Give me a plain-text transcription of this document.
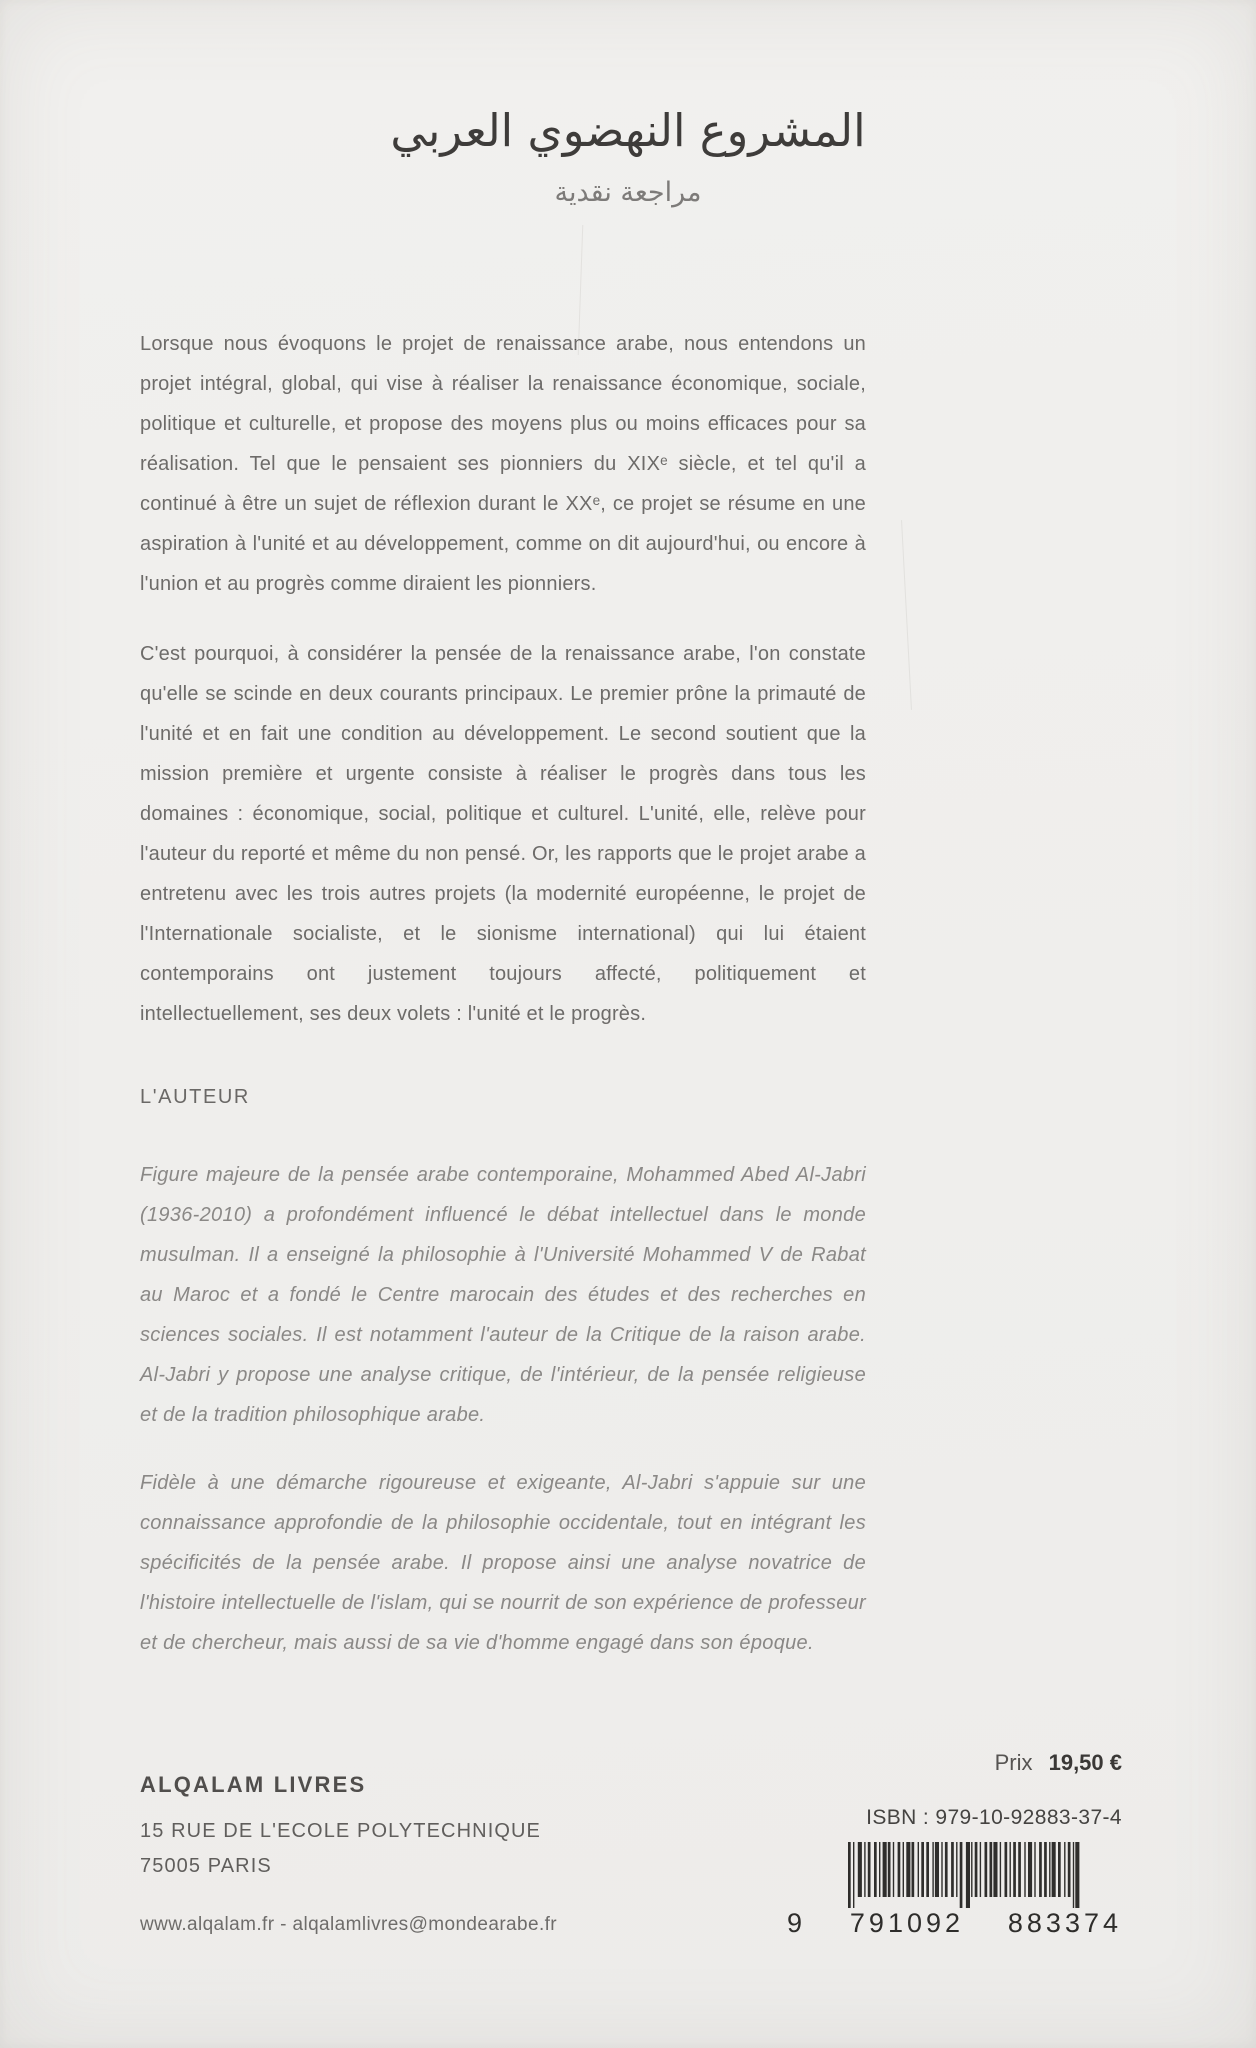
المشروع النهضوي العربي

مراجعة نقدية

Lorsque nous évoquons le projet de renaissance arabe, nous entendons un projet intégral, global, qui vise à réaliser la renaissance économique, sociale, politique et culturelle, et propose des moyens plus ou moins efficaces pour sa réalisation. Tel que le pensaient ses pionniers du XIXᵉ siècle, et tel qu'il a continué à être un sujet de réflexion durant le XXᵉ, ce projet se résume en une aspiration à l'unité et au développement, comme on dit aujourd'hui, ou encore à l'union et au progrès comme diraient les pionniers.

C'est pourquoi, à considérer la pensée de la renaissance arabe, l'on constate qu'elle se scinde en deux courants principaux. Le premier prône la primauté de l'unité et en fait une condition au développement. Le second soutient que la mission première et urgente consiste à réaliser le progrès dans tous les domaines : économique, social, politique et culturel. L'unité, elle, relève pour l'auteur du reporté et même du non pensé. Or, les rapports que le projet arabe a entretenu avec les trois autres projets (la modernité européenne, le projet de l'Internationale socialiste, et le sionisme international) qui lui étaient contemporains ont justement toujours affecté, politiquement et intellectuellement, ses deux volets : l'unité et le progrès.

L'AUTEUR

Figure majeure de la pensée arabe contemporaine, Mohammed Abed Al-Jabri (1936-2010) a profondément influencé le débat intellectuel dans le monde musulman. Il a enseigné la philosophie à l'Université Mohammed V de Rabat au Maroc et a fondé le Centre marocain des études et des recherches en sciences sociales. Il est notamment l'auteur de la Critique de la raison arabe. Al-Jabri y propose une analyse critique, de l'intérieur, de la pensée religieuse et de la tradition philosophique arabe.

Fidèle à une démarche rigoureuse et exigeante, Al-Jabri s'appuie sur une connaissance approfondie de la philosophie occidentale, tout en intégrant les spécificités de la pensée arabe. Il propose ainsi une analyse novatrice de l'histoire intellectuelle de l'islam, qui se nourrit de son expérience de professeur et de chercheur, mais aussi de sa vie d'homme engagé dans son époque.

ALQALAM LIVRES
15 RUE DE L'ECOLE POLYTECHNIQUE
75005 PARIS
www.alqalam.fr - alqalamlivres@mondearabe.fr
Prix 19,50 €
ISBN : 979-10-92883-37-4
9 791092 883374
